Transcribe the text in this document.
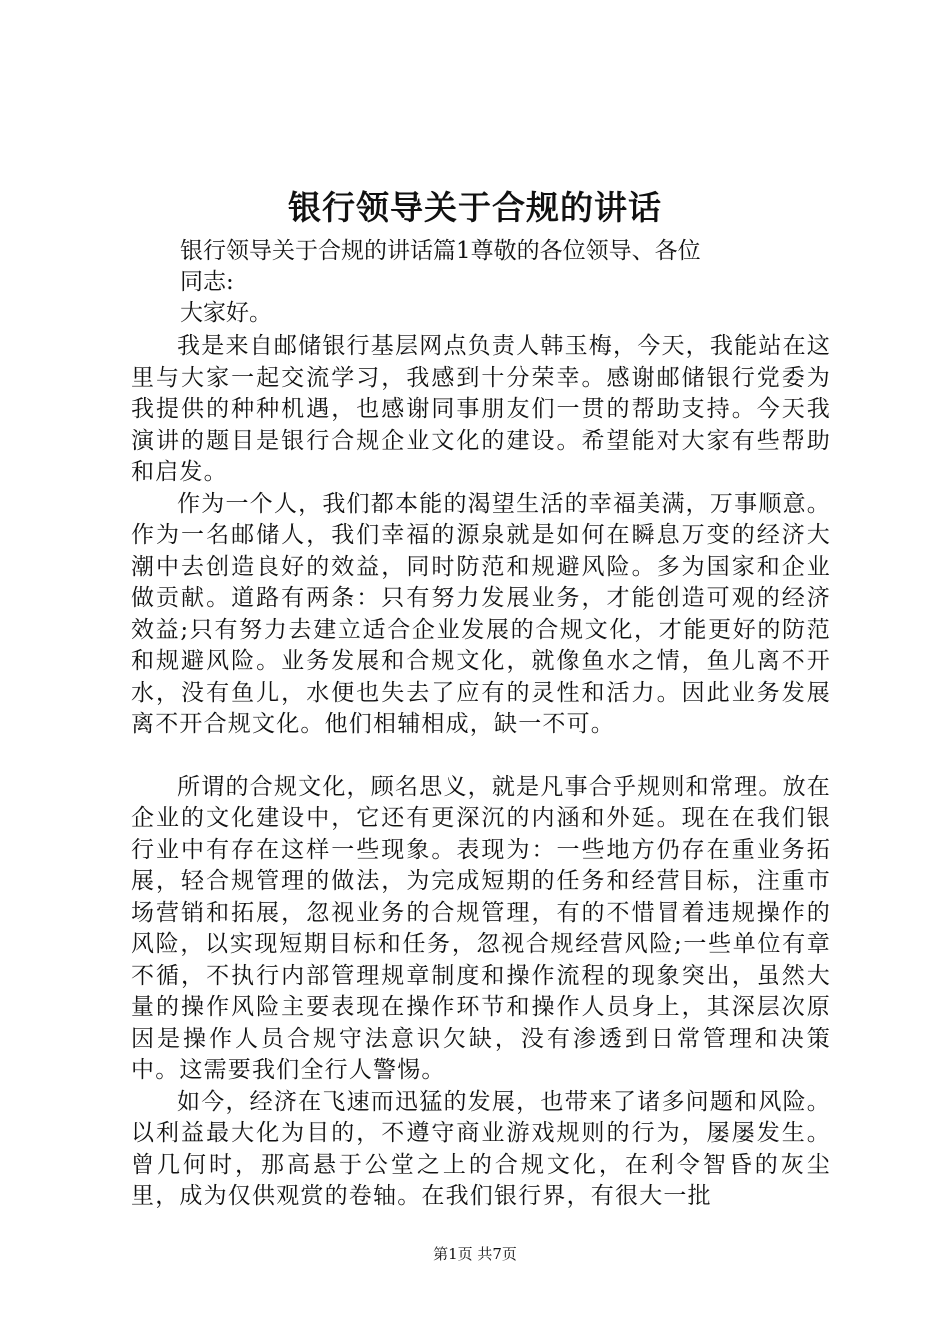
银行领导关于合规的讲话

银行领导关于合规的讲话篇1尊敬的各位领导、各位

同志:

大家好。

我是来自邮储银行基层网点负责人韩玉梅，今天，我能站在这里与大家一起交流学习，我感到十分荣幸。感谢邮储银行党委为我提供的种种机遇，也感谢同事朋友们一贯的帮助支持。今天我演讲的题目是银行合规企业文化的建设。希望能对大家有些帮助和启发。

作为一个人，我们都本能的渴望生活的幸福美满，万事顺意。作为一名邮储人，我们幸福的源泉就是如何在瞬息万变的经济大潮中去创造良好的效益，同时防范和规避风险。多为国家和企业做贡献。道路有两条：只有努力发展业务，才能创造可观的经济效益;只有努力去建立适合企业发展的合规文化，才能更好的防范和规避风险。业务发展和合规文化，就像鱼水之情，鱼儿离不开水，没有鱼儿，水便也失去了应有的灵性和活力。因此业务发展离不开合规文化。他们相辅相成，缺一不可。

所谓的合规文化，顾名思义，就是凡事合乎规则和常理。放在企业的文化建设中，它还有更深沉的内涵和外延。现在在我们银行业中有存在这样一些现象。表现为：一些地方仍存在重业务拓展，轻合规管理的做法，为完成短期的任务和经营目标，注重市场营销和拓展，忽视业务的合规管理，有的不惜冒着违规操作的风险，以实现短期目标和任务，忽视合规经营风险;一些单位有章不循，不执行内部管理规章制度和操作流程的现象突出，虽然大量的操作风险主要表现在操作环节和操作人员身上，其深层次原因是操作人员合规守法意识欠缺，没有渗透到日常管理和决策中。这需要我们全行人警惕。

如今，经济在飞速而迅猛的发展，也带来了诸多问题和风险。以利益最大化为目的，不遵守商业游戏规则的行为，屡屡发生。曾几何时，那高悬于公堂之上的合规文化，在利令智昏的灰尘里，成为仅供观赏的卷轴。在我们银行界，有很大一批

第1页 共7页
